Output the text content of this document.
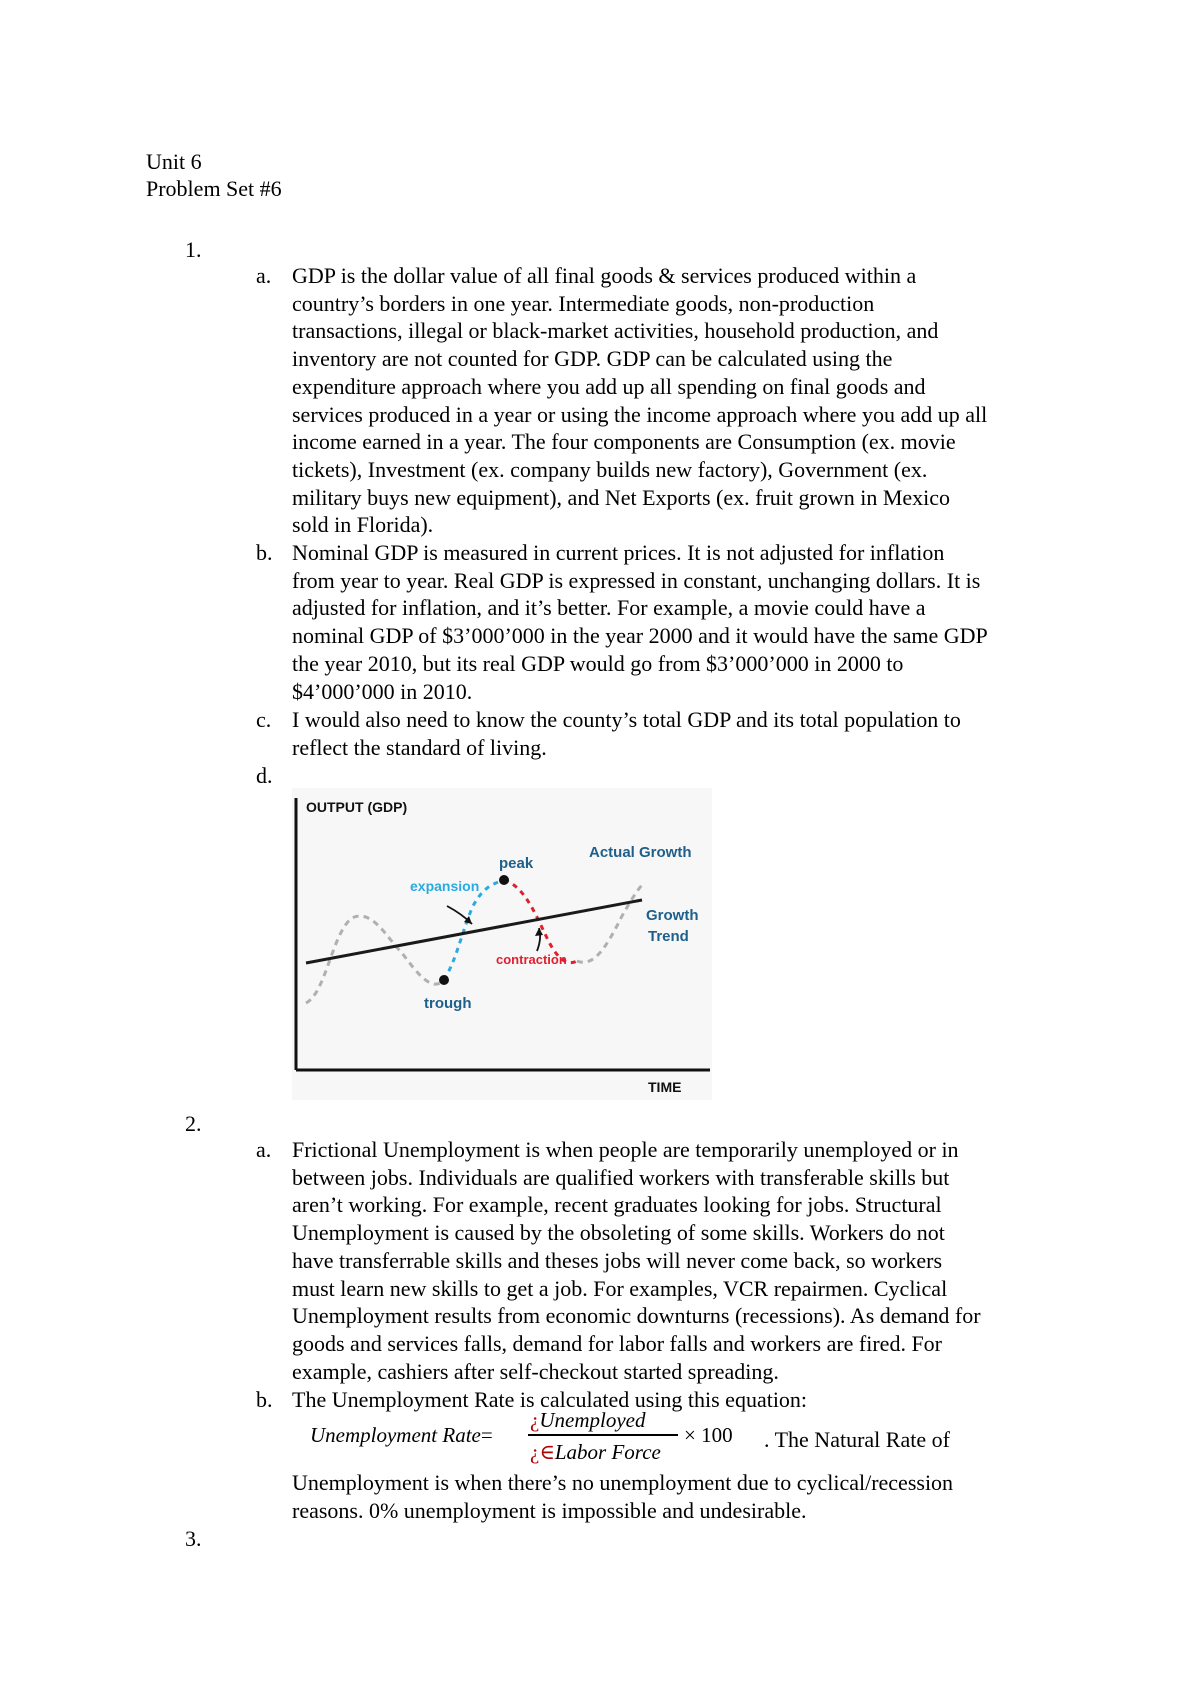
Unit 6
Problem Set #6
1.
a. GDP is the dollar value of all final goods & services produced within a
country’s borders in one year. Intermediate goods, non-production
transactions, illegal or black-market activities, household production, and
inventory are not counted for GDP. GDP can be calculated using the
expenditure approach where you add up all spending on final goods and
services produced in a year or using the income approach where you add up all
income earned in a year. The four components are Consumption (ex. movie
tickets), Investment (ex. company builds new factory), Government (ex.
military buys new equipment), and Net Exports (ex. fruit grown in Mexico
sold in Florida).
b. Nominal GDP is measured in current prices. It is not adjusted for inflation
from year to year. Real GDP is expressed in constant, unchanging dollars. It is
adjusted for inflation, and it’s better. For example, a movie could have a
nominal GDP of $3’000’000 in the year 2000 and it would have the same GDP
the year 2010, but its real GDP would go from $3’000’000 in 2000 to
$4’000’000 in 2010.
c. I would also need to know the county’s total GDP and its total population to
reflect the standard of living.
d.
OUTPUT (GDP)
TIME
expansion
peak
contraction
trough
Actual Growth
Growth
Trend
2.
a. Frictional Unemployment is when people are temporarily unemployed or in
between jobs. Individuals are qualified workers with transferable skills but
aren’t working. For example, recent graduates looking for jobs. Structural
Unemployment is caused by the obsoleting of some skills. Workers do not
have transferrable skills and theses jobs will never come back, so workers
must learn new skills to get a job. For examples, VCR repairmen. Cyclical
Unemployment results from economic downturns (recessions). As demand for
goods and services falls, demand for labor falls and workers are fired. For
example, cashiers after self-checkout started spreading.
b. The Unemployment Rate is calculated using this equation:
Unemployment Rate=
¿Unemployed
¿∈Labor Force
× 100 . The Natural Rate of
Unemployment is when there’s no unemployment due to cyclical/recession
reasons. 0% unemployment is impossible and undesirable.
3.
